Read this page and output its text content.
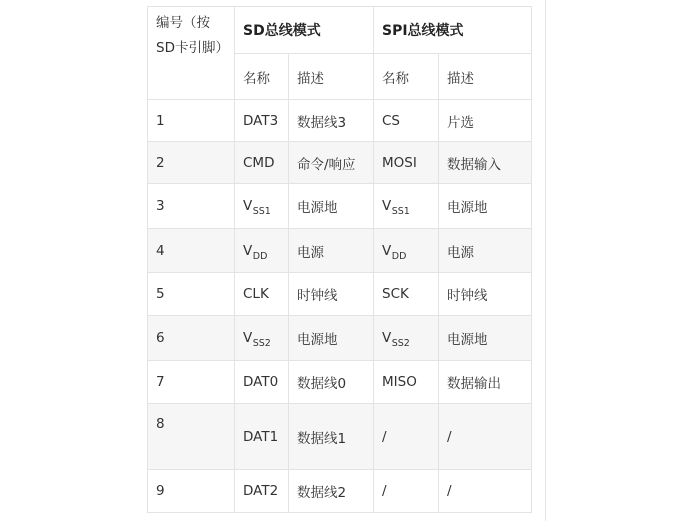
编号（按SD卡引脚）	SD总线模式		SPI总线模式	
	名称	描述	名称	描述
1	DAT3	数据线3	CS	片选
2	CMD	命令/响应	MOSI	数据输入
3	$V_{SS1}$	电源地	$V_{SS1}$	电源地
4	$V_{DD}$	电源	$V_{DD}$	电源
5	CLK	时钟线	SCK	时钟线
6	$V_{SS2}$	电源地	$V_{SS2}$	电源地
7	DAT0	数据线0	MISO	数据输出
8	DAT1	数据线1	/	/
9	DAT2	数据线2	/	/
